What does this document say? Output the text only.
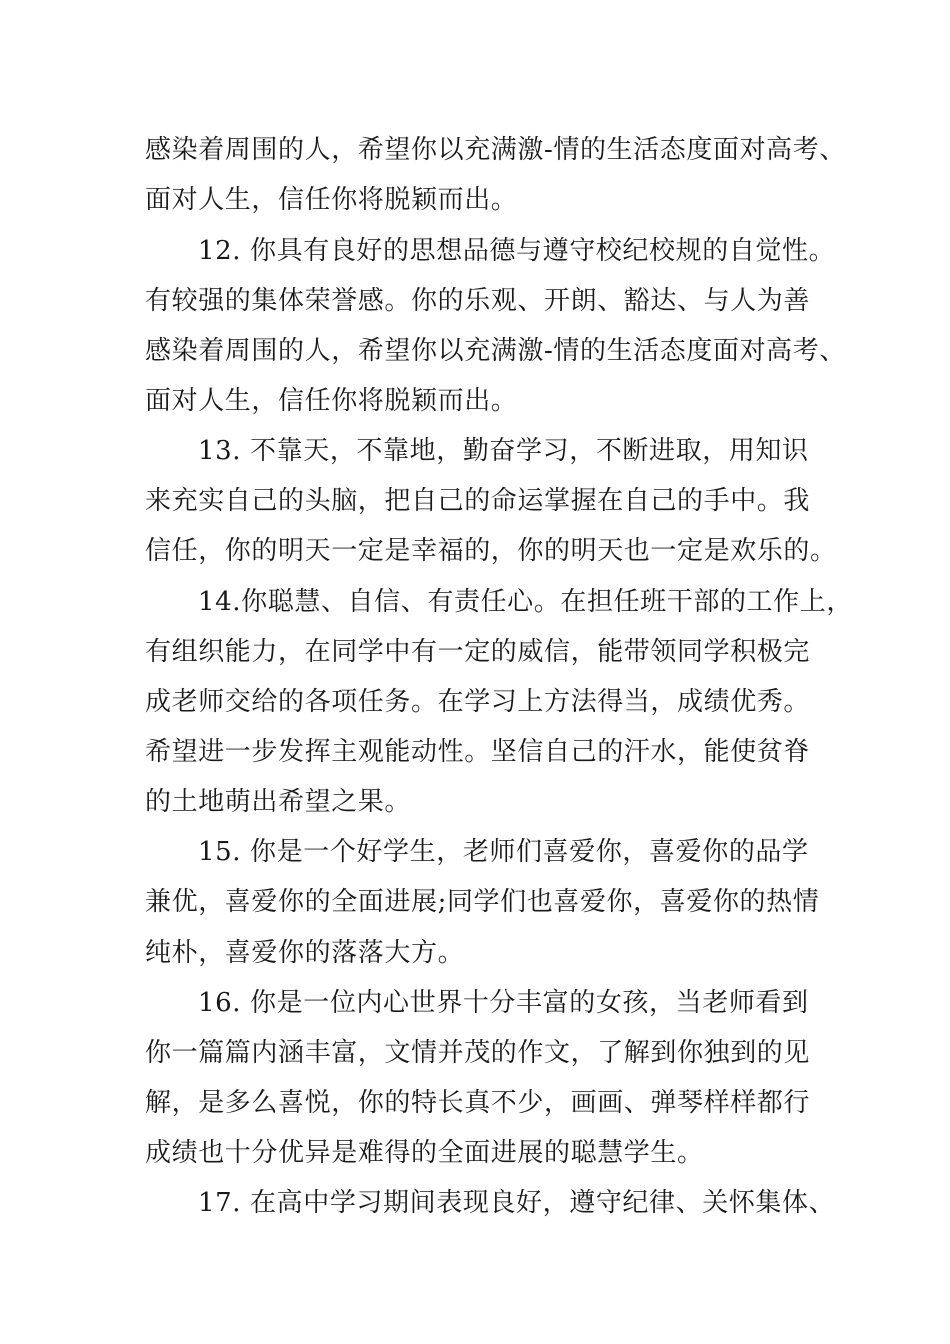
感染着周围的人，希望你以充满激-情的生活态度面对高考、
面对人生，信任你将脱颖而出。
12. 你具有良好的思想品德与遵守校纪校规的自觉性。
有较强的集体荣誉感。你的乐观、开朗、豁达、与人为善
感染着周围的人，希望你以充满激-情的生活态度面对高考、
面对人生，信任你将脱颖而出。
13. 不靠天，不靠地，勤奋学习，不断进取，用知识
来充实自己的头脑，把自己的命运掌握在自己的手中。我
信任，你的明天一定是幸福的，你的明天也一定是欢乐的。
14.你聪慧、自信、有责任心。在担任班干部的工作上，
有组织能力，在同学中有一定的威信，能带领同学积极完
成老师交给的各项任务。在学习上方法得当，成绩优秀。
希望进一步发挥主观能动性。坚信自己的汗水，能使贫脊
的土地萌出希望之果。
15. 你是一个好学生，老师们喜爱你，喜爱你的品学
兼优，喜爱你的全面进展;同学们也喜爱你，喜爱你的热情
纯朴，喜爱你的落落大方。
16. 你是一位内心世界十分丰富的女孩，当老师看到
你一篇篇内涵丰富，文情并茂的作文，了解到你独到的见
解，是多么喜悦，你的特长真不少，画画、弹琴样样都行
成绩也十分优异是难得的全面进展的聪慧学生。
17. 在高中学习期间表现良好，遵守纪律、关怀集体、
